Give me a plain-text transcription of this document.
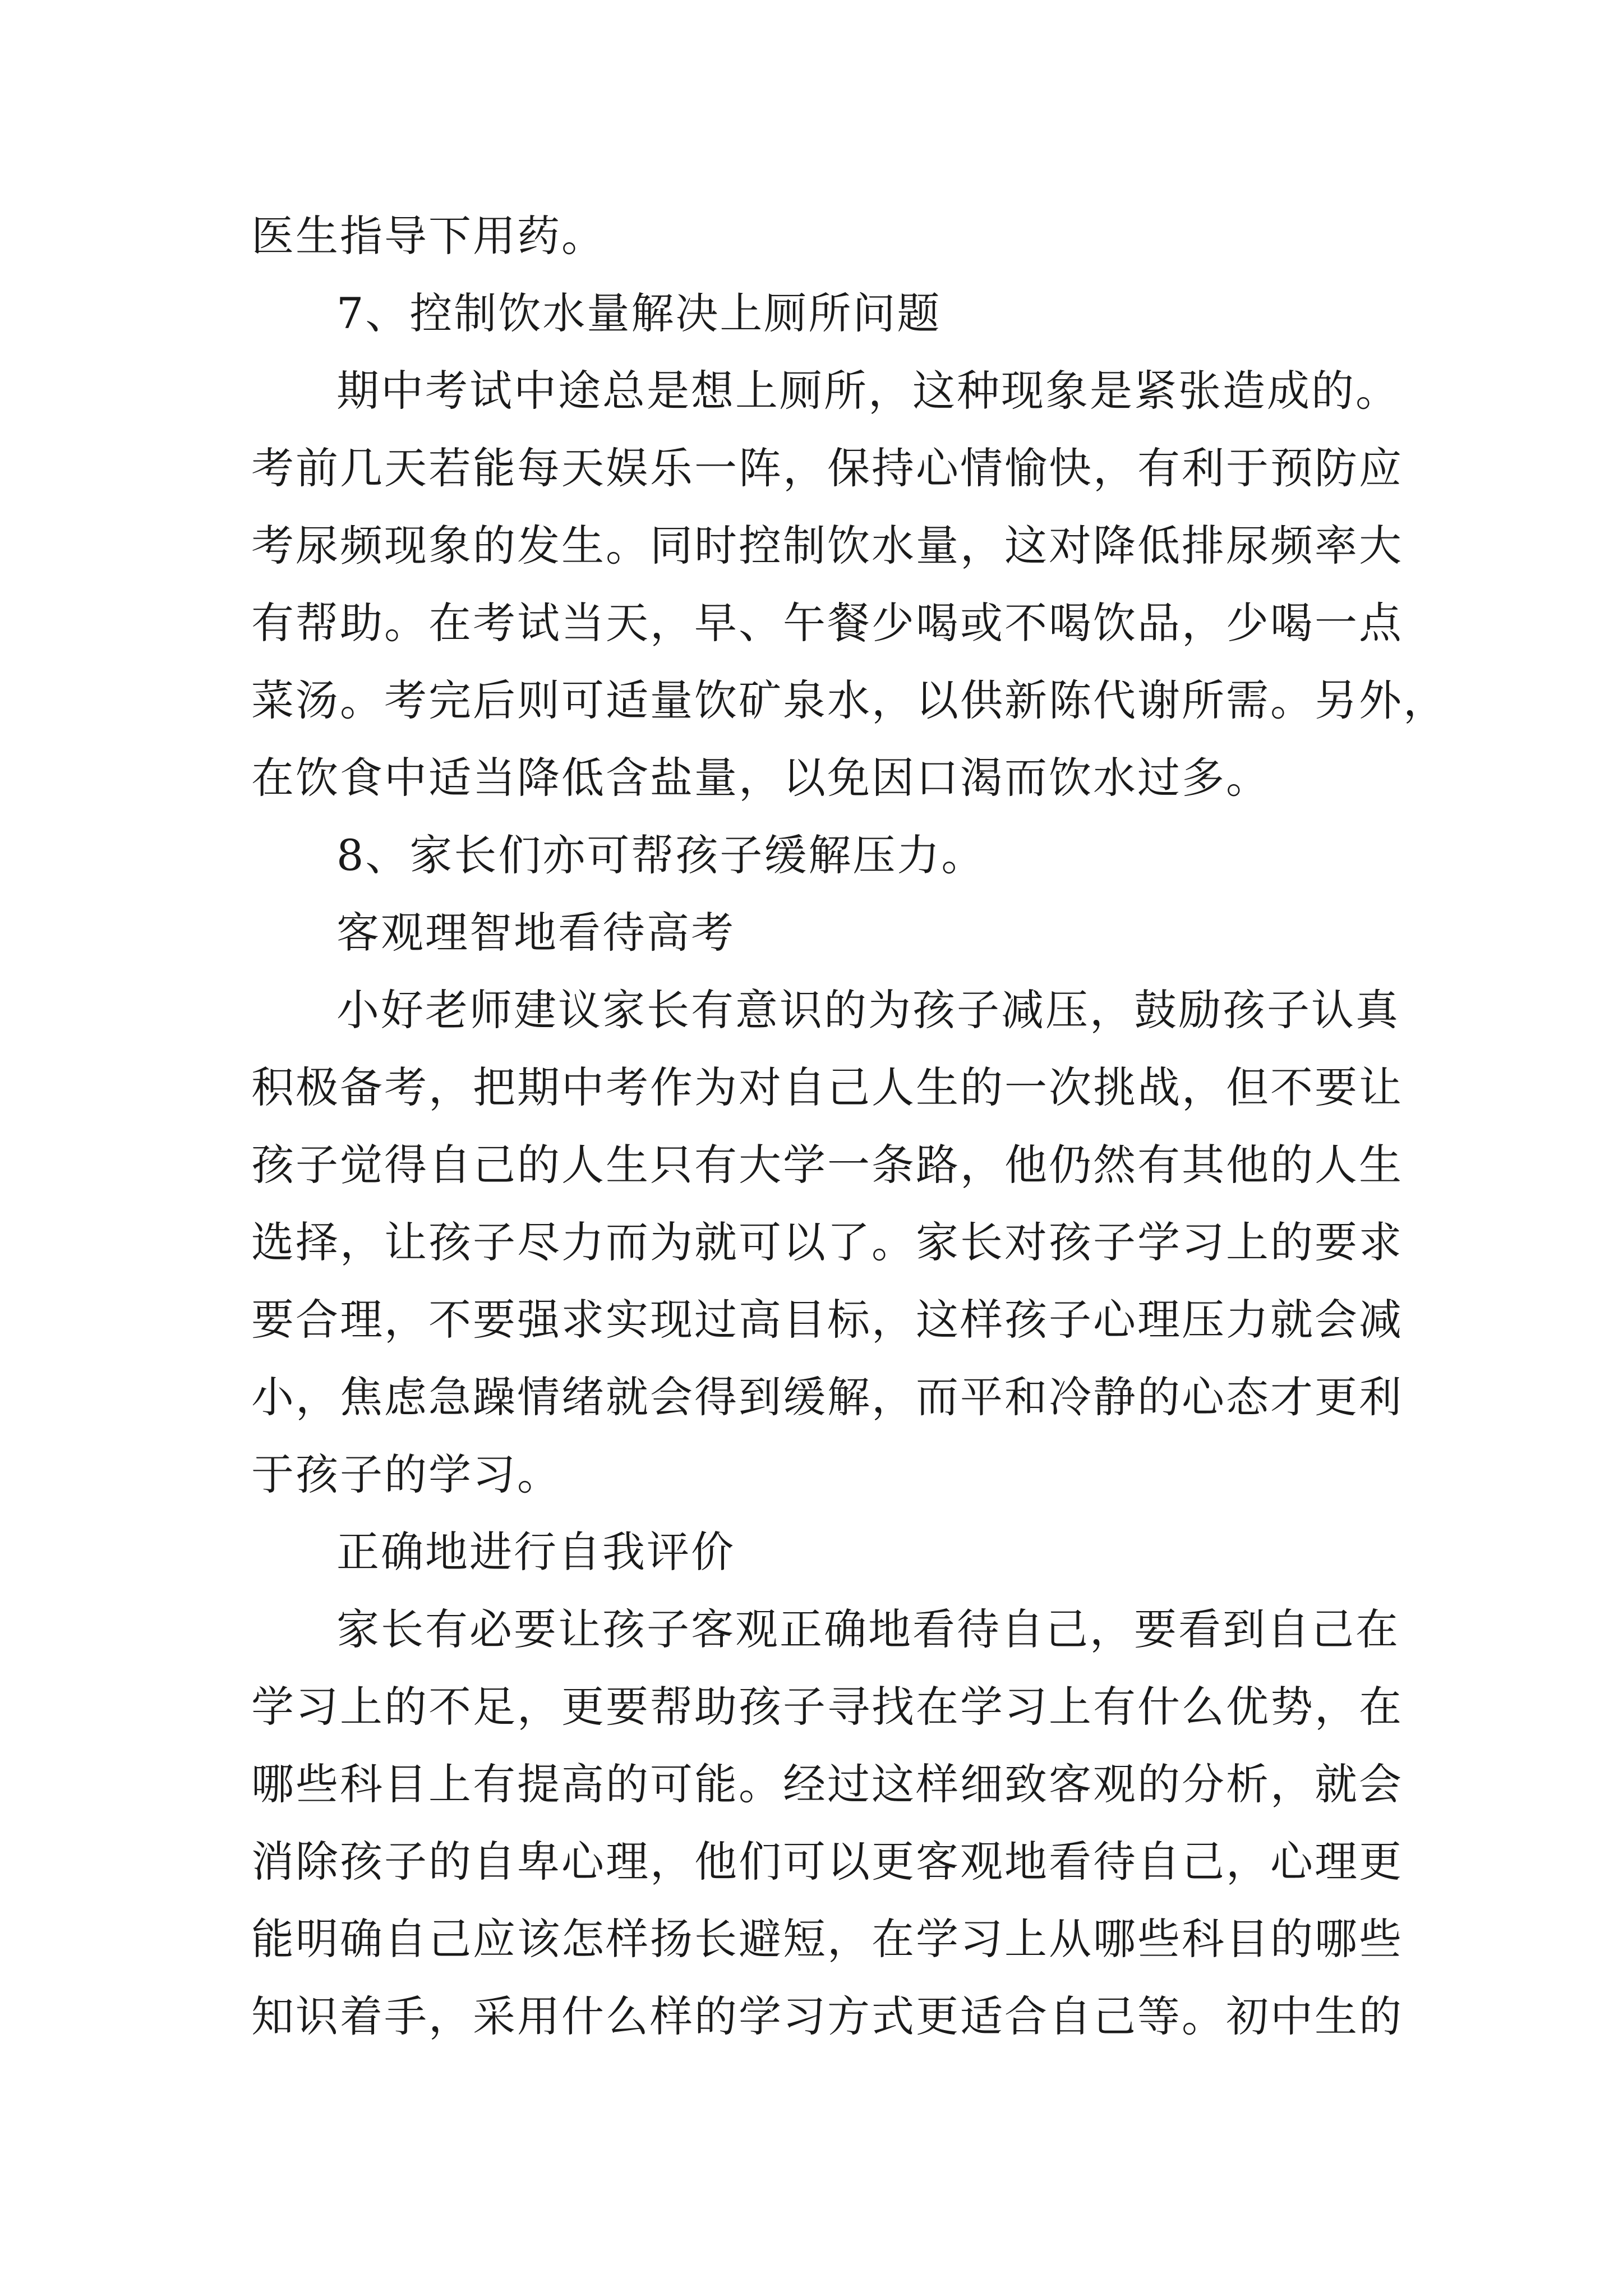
医生指导下用药。
7、控制饮水量解决上厕所问题
期中考试中途总是想上厕所，这种现象是紧张造成的。
考前几天若能每天娱乐一阵，保持心情愉快，有利于预防应
考尿频现象的发生。同时控制饮水量，这对降低排尿频率大
有帮助。在考试当天，早、午餐少喝或不喝饮品，少喝一点
菜汤。考完后则可适量饮矿泉水，以供新陈代谢所需。另外，
在饮食中适当降低含盐量，以免因口渴而饮水过多。
8、家长们亦可帮孩子缓解压力。
客观理智地看待高考
小好老师建议家长有意识的为孩子减压，鼓励孩子认真
积极备考，把期中考作为对自己人生的一次挑战，但不要让
孩子觉得自己的人生只有大学一条路，他仍然有其他的人生
选择，让孩子尽力而为就可以了。家长对孩子学习上的要求
要合理，不要强求实现过高目标，这样孩子心理压力就会减
小，焦虑急躁情绪就会得到缓解，而平和冷静的心态才更利
于孩子的学习。
正确地进行自我评价
家长有必要让孩子客观正确地看待自己，要看到自己在
学习上的不足，更要帮助孩子寻找在学习上有什么优势，在
哪些科目上有提高的可能。经过这样细致客观的分析，就会
消除孩子的自卑心理，他们可以更客观地看待自己，心理更
能明确自己应该怎样扬长避短，在学习上从哪些科目的哪些
知识着手，采用什么样的学习方式更适合自己等。初中生的
